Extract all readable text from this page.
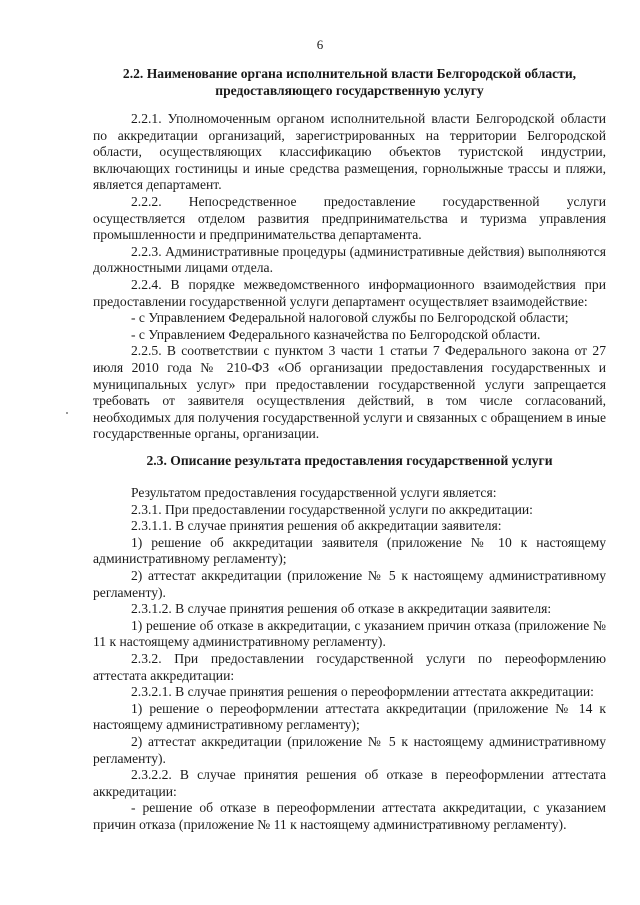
6
2.2. Наименование органа исполнительной власти Белгородской области,
предоставляющего государственную услугу

2.2.1. Уполномоченным органом исполнительной власти Белгородской области по аккредитации организаций, зарегистрированных на территории Белгородской области, осуществляющих классификацию объектов туристской индустрии, включающих гостиницы и иные средства размещения, горнолыжные трассы и пляжи, является департамент.

2.2.2. Непосредственное предоставление государственной услуги осуществляется отделом развития предпринимательства и туризма управления промышленности и предпринимательства департамента.

2.2.3. Административные процедуры (административные действия) выполняются должностными лицами отдела.

2.2.4. В порядке межведомственного информационного взаимодействия при предоставлении государственной услуги департамент осуществляет взаимодействие:

- с Управлением Федеральной налоговой службы по Белгородской области;

- с Управлением Федерального казначейства по Белгородской области.

2.2.5. В соответствии с пунктом 3 части 1 статьи 7 Федерального закона от 27 июля 2010 года № 210-ФЗ «Об организации предоставления государственных и муниципальных услуг» при предоставлении государственной услуги запрещается требовать от заявителя осуществления действий, в том числе согласований, необходимых для получения государственной услуги и связанных с обращением в иные государственные органы, организации.

2.3. Описание результата предоставления государственной услуги

Результатом предоставления государственной услуги является:

2.3.1. При предоставлении государственной услуги по аккредитации:

2.3.1.1. В случае принятия решения об аккредитации заявителя:

1) решение об аккредитации заявителя (приложение № 10 к настоящему административному регламенту);

2) аттестат аккредитации (приложение № 5 к настоящему административному регламенту).

2.3.1.2. В случае принятия решения об отказе в аккредитации заявителя:

1) решение об отказе в аккредитации, с указанием причин отказа (приложение № 11 к настоящему административному регламенту).

2.3.2. При предоставлении государственной услуги по переоформлению аттестата аккредитации:

2.3.2.1. В случае принятия решения о переоформлении аттестата аккредитации:

1) решение о переоформлении аттестата аккредитации (приложение № 14 к настоящему административному регламенту);

2) аттестат аккредитации (приложение № 5 к настоящему административному регламенту).

2.3.2.2. В случае принятия решения об отказе в переоформлении аттестата аккредитации:

- решение об отказе в переоформлении аттестата аккредитации, с указанием причин отказа (приложение № 11 к настоящему административному регламенту).
